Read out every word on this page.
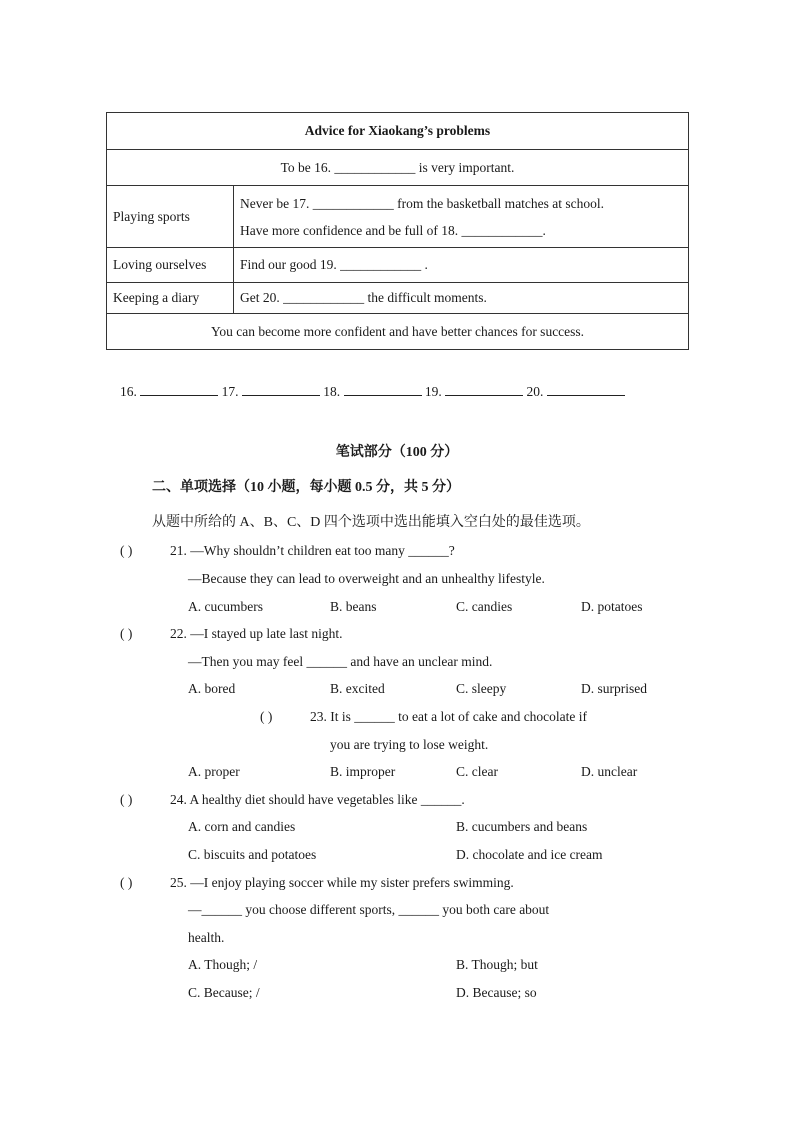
Advice for Xiaokang’s problems	
To be 16. ____________ is very important.	
Playing sports	Never be 17. ____________ from the basketball matches at school.
Have more confidence and be full of 18. ____________.

Loving ourselves	Find our good 19. ____________ .
Keeping a diary	Get 20. ____________ the difficult moments.
You can become more confident and have better chances for success.	
16.	17.	18.	19.	20.
笔试部分（100 分）
二、单项选择（10 小题，每小题 0.5 分，共 5 分）
从题中所给的 A、B、C、D 四个选项中选出能填入空白处的最佳选项。
( )	21. —Why shouldn’t children eat too many ______?
—Because they can lead to overweight and an unhealthy lifestyle.
A. cucumbers	B. beans	C. candies	D. potatoes
( )	22. —I stayed up late last night.
—Then you may feel ______ and have an unclear mind.
A. bored	B. excited	C. sleepy	D. surprised
( )	23. It is ______ to eat a lot of cake and chocolate if
you are trying to lose weight.
A. proper	B. improper	C. clear	D. unclear
( )	24. A healthy diet should have vegetables like ______.
A. corn and candies	B. cucumbers and beans
C. biscuits and potatoes	D. chocolate and ice cream
( )	25. —I enjoy playing soccer while my sister prefers swimming.
—______ you choose different sports, ______ you both care about
health.
A. Though; /	B. Though; but
C. Because; /	D. Because; so
